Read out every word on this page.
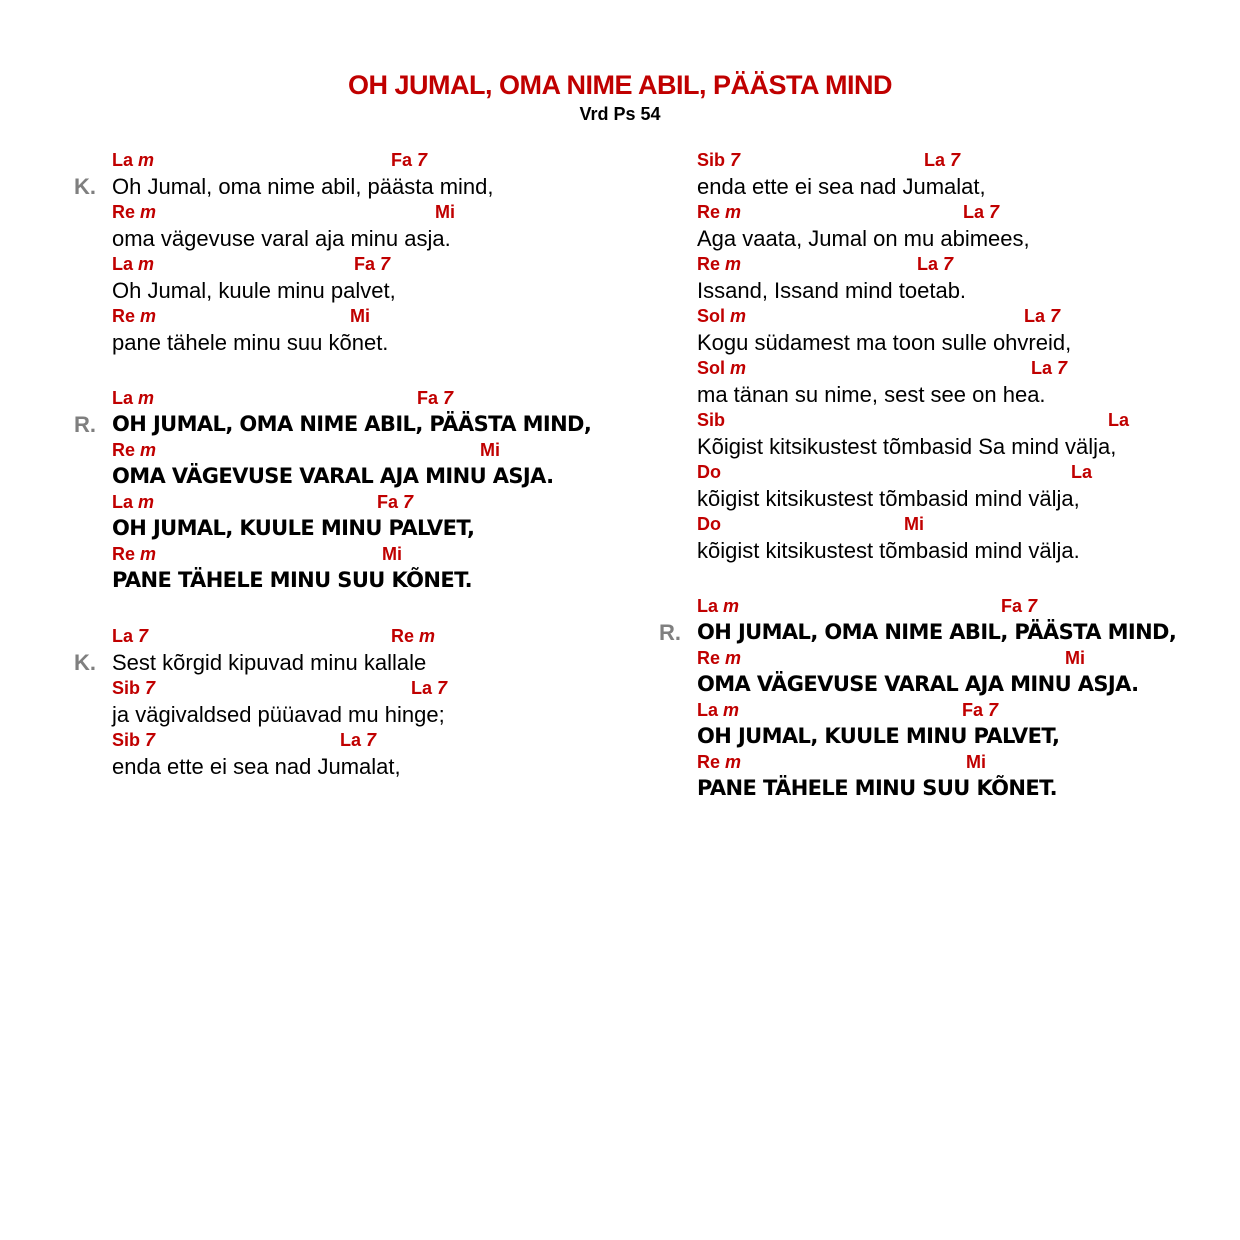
OH JUMAL, OMA NIME ABIL, PÄÄSTA MIND
Vrd Ps 54
K.
La m	Fa 7
Oh Jumal, oma nime abil, päästa mind,
Re m	Mi
oma vägevuse varal aja minu asja.
La m	Fa 7
Oh Jumal, kuule minu palvet,
Re m	Mi
pane tähele minu suu kõnet.
R.
La m	Fa 7
OH JUMAL, OMA NIME ABIL, PÄÄSTA MIND,
Re m	Mi
OMA VÄGEVUSE VARAL AJA MINU ASJA.
La m	Fa 7
OH JUMAL, KUULE MINU PALVET,
Re m	Mi
PANE TÄHELE MINU SUU KÕNET.
K.
La 7	Re m
Sest kõrgid kipuvad minu kallale
Sib 7	La 7
ja vägivaldsed püüavad mu hinge;
Sib 7	La 7
enda ette ei sea nad Jumalat,
Sib 7	La 7
enda ette ei sea nad Jumalat,
Re m	La 7
Aga vaata, Jumal on mu abimees,
Re m	La 7
Issand, Issand mind toetab.
Sol m	La 7
Kogu südamest ma toon sulle ohvreid,
Sol m	La 7
ma tänan su nime, sest see on hea.
Sib	La
Kõigist kitsikustest tõmbasid Sa mind välja,
Do	La
kõigist kitsikustest tõmbasid mind välja,
Do	Mi
kõigist kitsikustest tõmbasid mind välja.
R.
La m	Fa 7
OH JUMAL, OMA NIME ABIL, PÄÄSTA MIND,
Re m	Mi
OMA VÄGEVUSE VARAL AJA MINU ASJA.
La m	Fa 7
OH JUMAL, KUULE MINU PALVET,
Re m	Mi
PANE TÄHELE MINU SUU KÕNET.
